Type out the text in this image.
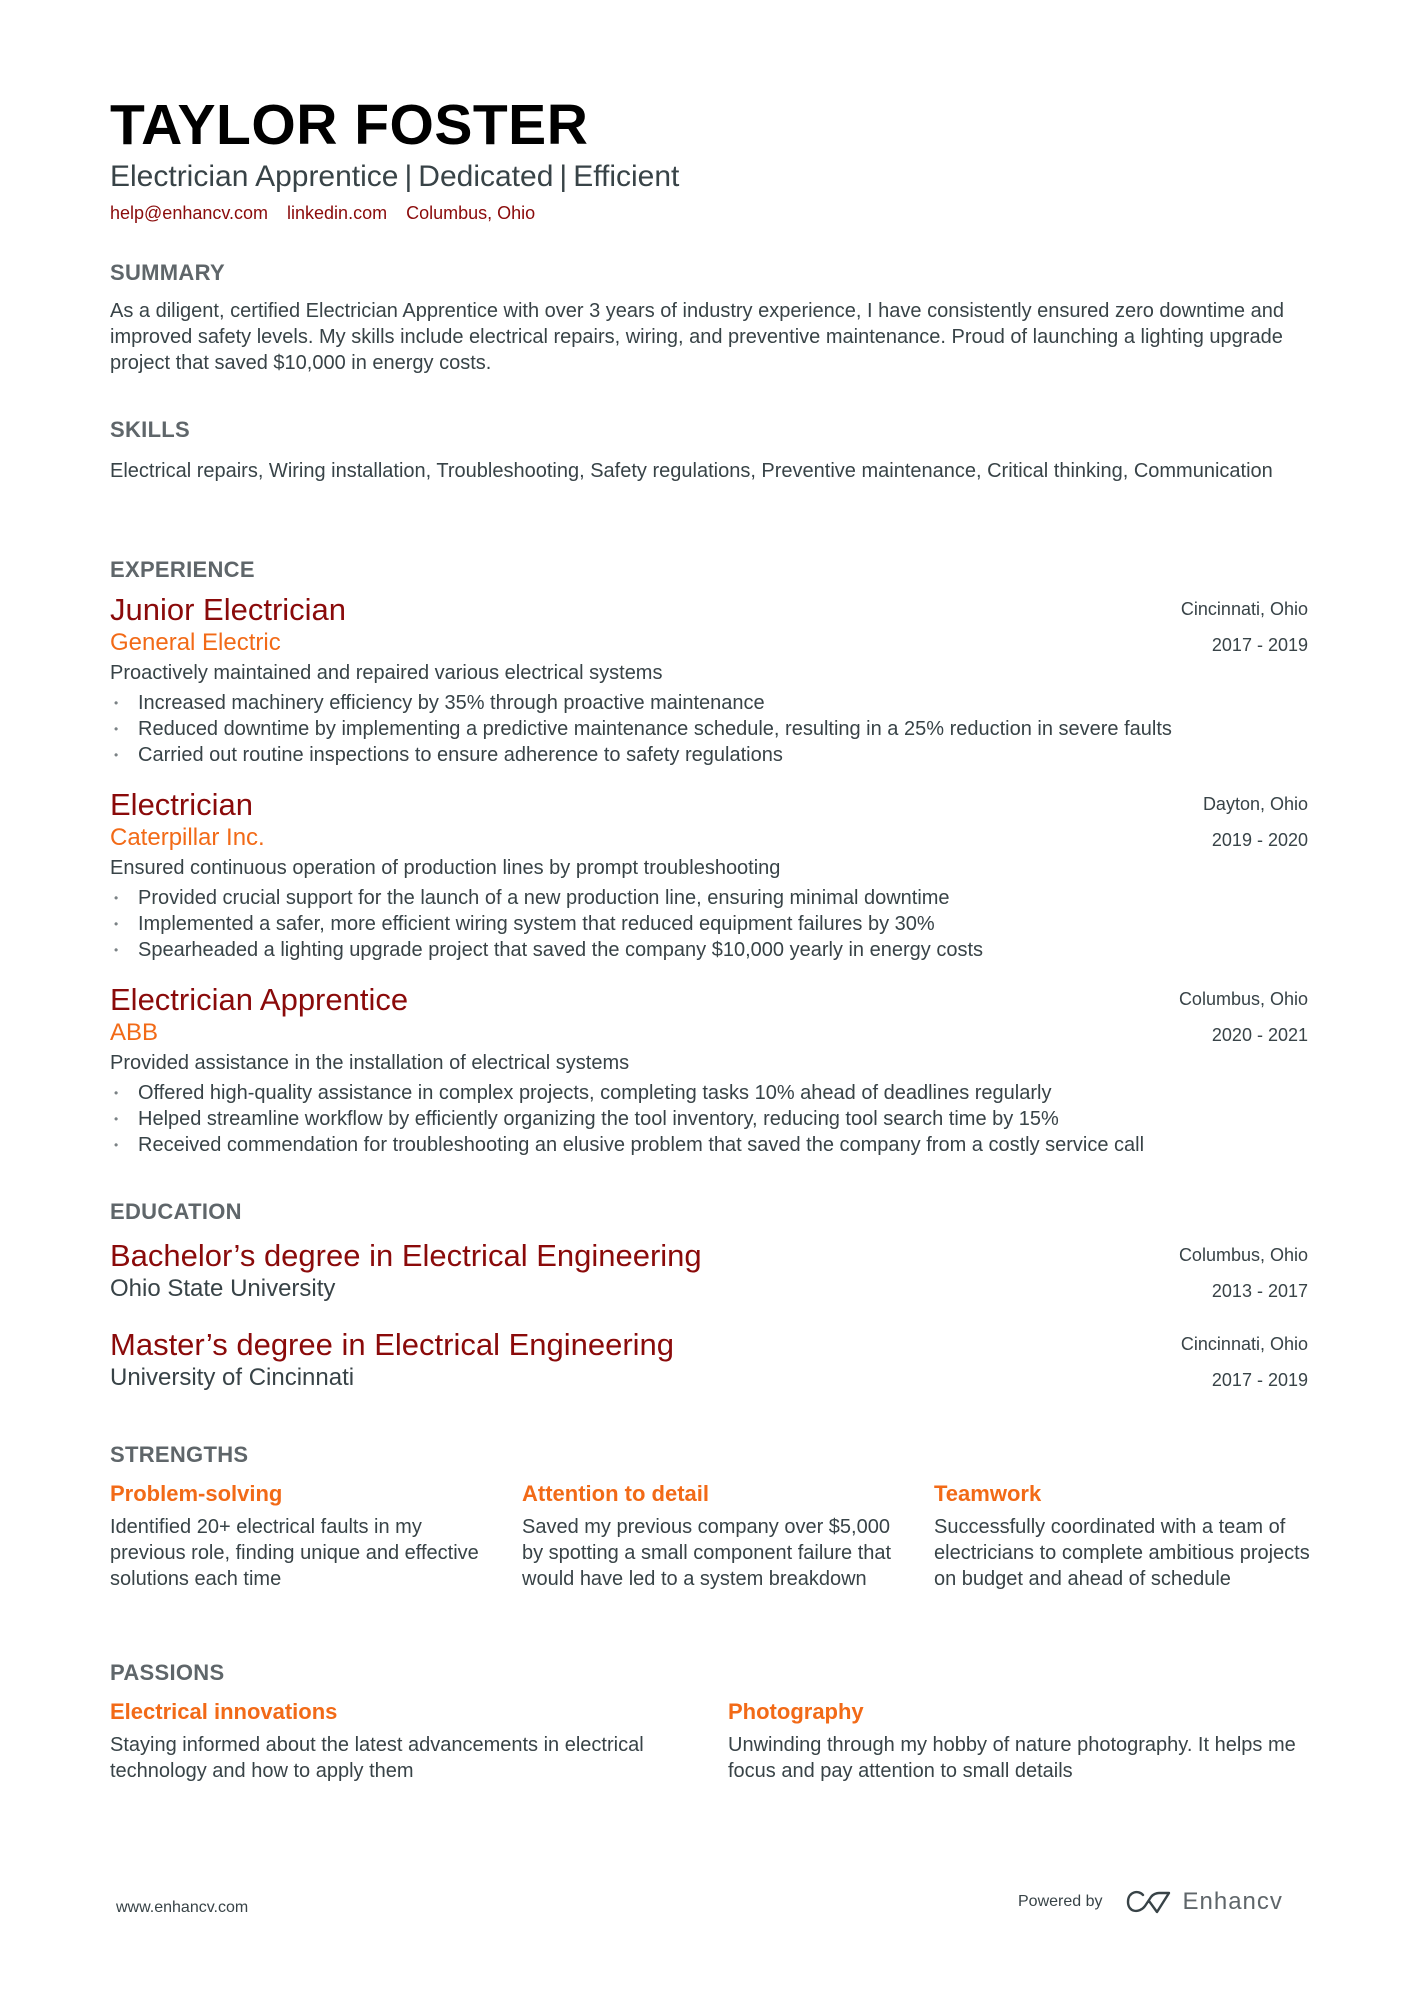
TAYLOR FOSTER
Electrician Apprentice | Dedicated | Efficient
help@enhancv.com linkedin.com Columbus, Ohio
SUMMARY
As a diligent, certified Electrician Apprentice with over 3 years of industry experience, I have consistently ensured zero downtime and improved safety levels. My skills include electrical repairs, wiring, and preventive maintenance. Proud of launching a lighting upgrade project that saved $10,000 in energy costs.
SKILLS
Electrical repairs, Wiring installation, Troubleshooting, Safety regulations, Preventive maintenance, Critical thinking, Communication
EXPERIENCE
Junior Electrician
General Electric
Proactively maintained and repaired various electrical systems
• Increased machinery efficiency by 35% through proactive maintenance
• Reduced downtime by implementing a predictive maintenance schedule, resulting in a 25% reduction in severe faults
• Carried out routine inspections to ensure adherence to safety regulations
Cincinnati, Ohio
2017 - 2019
Electrician
Caterpillar Inc.
Ensured continuous operation of production lines by prompt troubleshooting
• Provided crucial support for the launch of a new production line, ensuring minimal downtime
• Implemented a safer, more efficient wiring system that reduced equipment failures by 30%
• Spearheaded a lighting upgrade project that saved the company $10,000 yearly in energy costs
Dayton, Ohio
2019 - 2020
Electrician Apprentice
ABB
Provided assistance in the installation of electrical systems
• Offered high-quality assistance in complex projects, completing tasks 10% ahead of deadlines regularly
• Helped streamline workflow by efficiently organizing the tool inventory, reducing tool search time by 15%
• Received commendation for troubleshooting an elusive problem that saved the company from a costly service call
Columbus, Ohio
2020 - 2021
EDUCATION
Bachelor’s degree in Electrical Engineering
Ohio State University
Columbus, Ohio
2013 - 2017
Master’s degree in Electrical Engineering
University of Cincinnati
Cincinnati, Ohio
2017 - 2019
STRENGTHS
Problem-solving
Identified 20+ electrical faults in my previous role, finding unique and effective solutions each time
Attention to detail
Saved my previous company over $5,000 by spotting a small component failure that would have led to a system breakdown
Teamwork
Successfully coordinated with a team of electricians to complete ambitious projects on budget and ahead of schedule
PASSIONS
Electrical innovations
Staying informed about the latest advancements in electrical technology and how to apply them
Photography
Unwinding through my hobby of nature photography. It helps me focus and pay attention to small details
www.enhancv.com	Powered by	Enhancv
